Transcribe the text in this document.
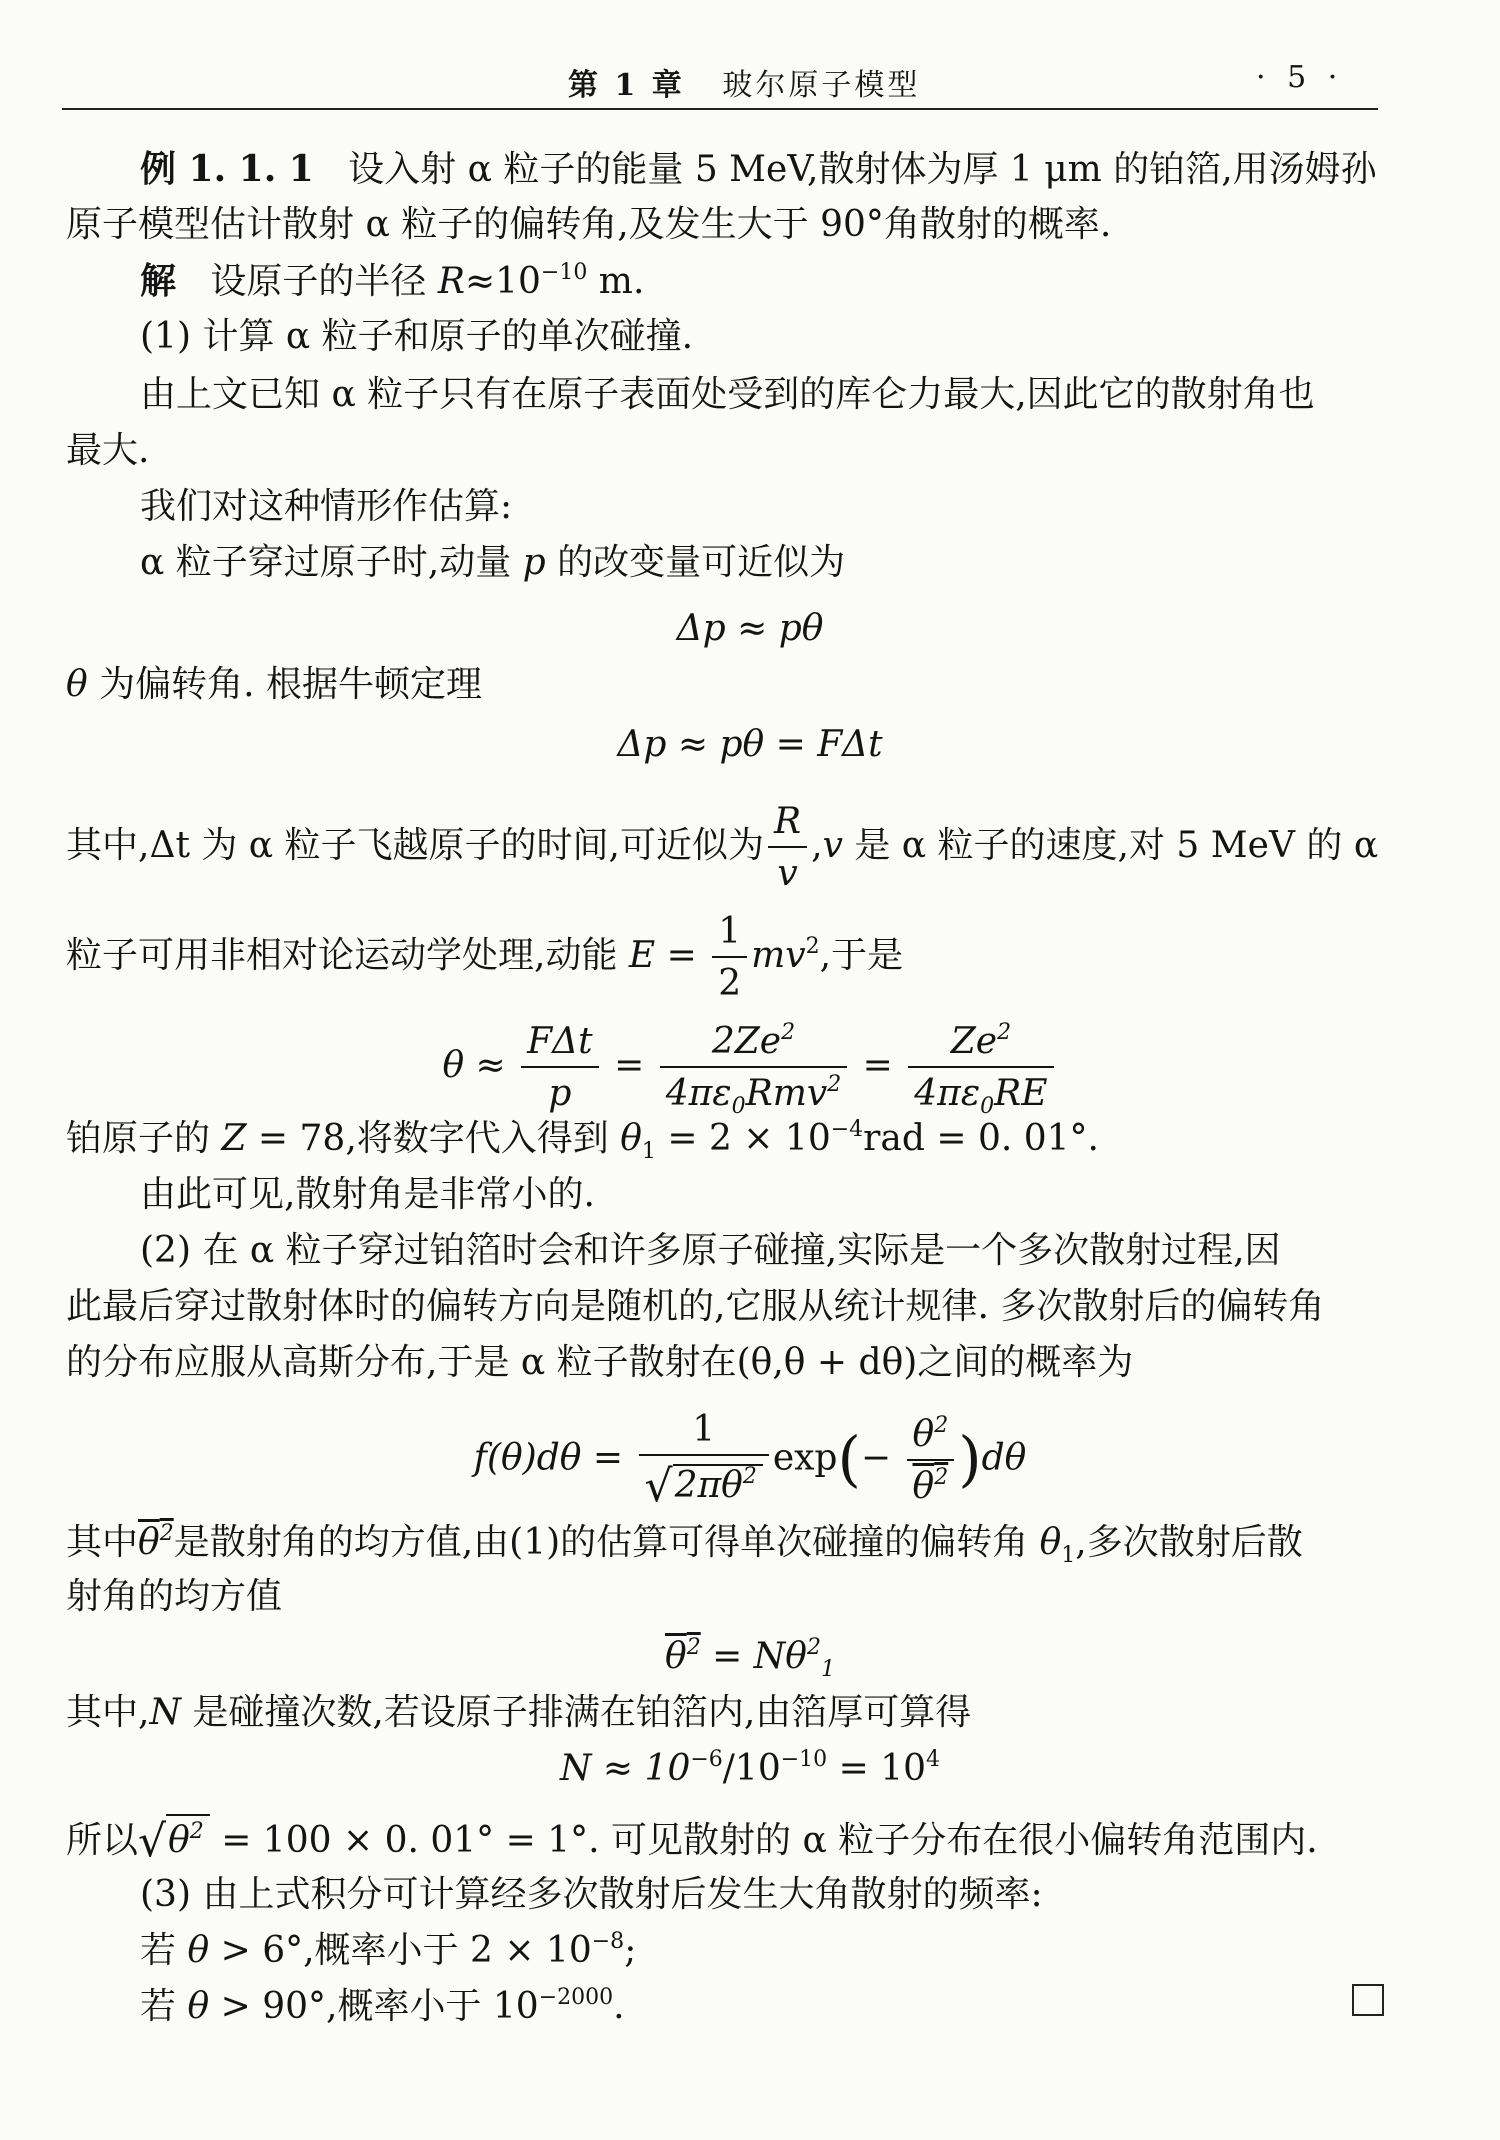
第 1 章 玻尔原子模型	· 5 ·
例 1. 1. 1 设入射 α 粒子的能量 5 MeV,散射体为厚 1 μm 的铂箔,用汤姆孙
原子模型估计散射 α 粒子的偏转角,及发生大于 90°角散射的概率.
解 设原子的半径 $R\approx 10^{-10}$ m.
(1) 计算 α 粒子和原子的单次碰撞.
由上文已知 α 粒子只有在原子表面处受到的库仑力最大,因此它的散射角也
最大.
我们对这种情形作估算:
α 粒子穿过原子时,动量 p 的改变量可近似为
Δp ≈ pθ
θ 为偏转角. 根据牛顿定理
Δp ≈ pθ = FΔt
其中,Δt 为 α 粒子飞越原子的时间,可近似为 $\frac{R}{v} ,v$ 是 α 粒子的速度,对 5 MeV 的 α
粒子可用非相对论运动学处理,动能 $E = \frac{1}{2} mv^2$,于是
$\theta \approx \frac{\text{FΔt}}{p} = \frac{2Ze^2}{4\pi\varepsilon_0Rmv^2} = \frac{Ze^2}{4\pi\varepsilon_0RE}$
铂原子的 Z = 78,将数字代入得到 $\theta_1 = 2 \times 10^{-4}rad = 0$. 01°.
由此可见,散射角是非常小的.
(2) 在 α 粒子穿过铂箔时会和许多原子碰撞,实际是一个多次散射过程,因
此最后穿过散射体时的偏转方向是随机的,它服从统计规律. 多次散射后的偏转角
的分布应服从高斯分布,于是 α 粒子散射在(θ,θ + dθ)之间的概率为
$f(\theta)d\theta = \frac{1}{√2\pi\theta^2} \exp(- \frac{\theta^2}{\theta^2} )d\theta$
其中$\theta^2$是散射角的均方值,由(1)的估算可得单次碰撞的偏转角 $\theta_1$,多次散射后散
射角的均方值
$\theta^2 = N\theta^2_1$
其中,N 是碰撞次数,若设原子排满在铂箔内,由箔厚可算得
$N \approx 10^{-6}/10^{-10} = 10^4$
所以$√\theta^2 = 100 \times 0$. 01° = 1°. 可见散射的 α 粒子分布在很小偏转角范围内.
(3) 由上式积分可计算经多次散射后发生大角散射的频率:
若 θ > 6°,概率小于 $2 \times 10^{-8}$;
若 θ > 90°,概率小于 $10^{-2000}$.
